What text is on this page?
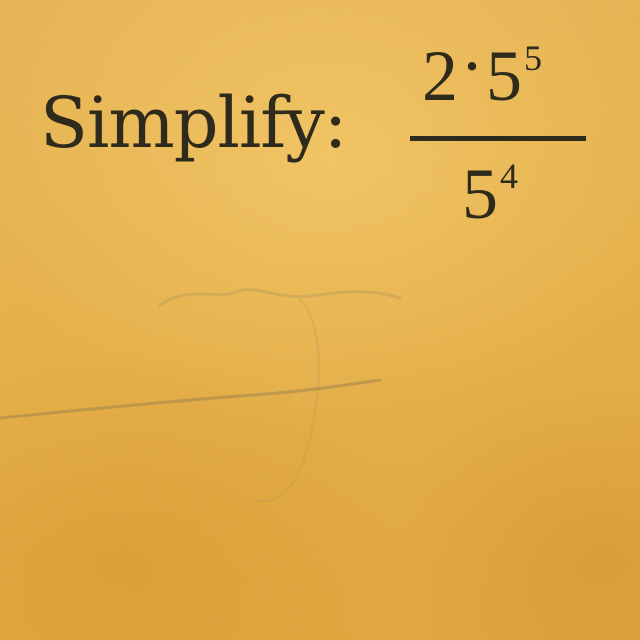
Simplify:
$2\cdot 5^5$
$5^4$
